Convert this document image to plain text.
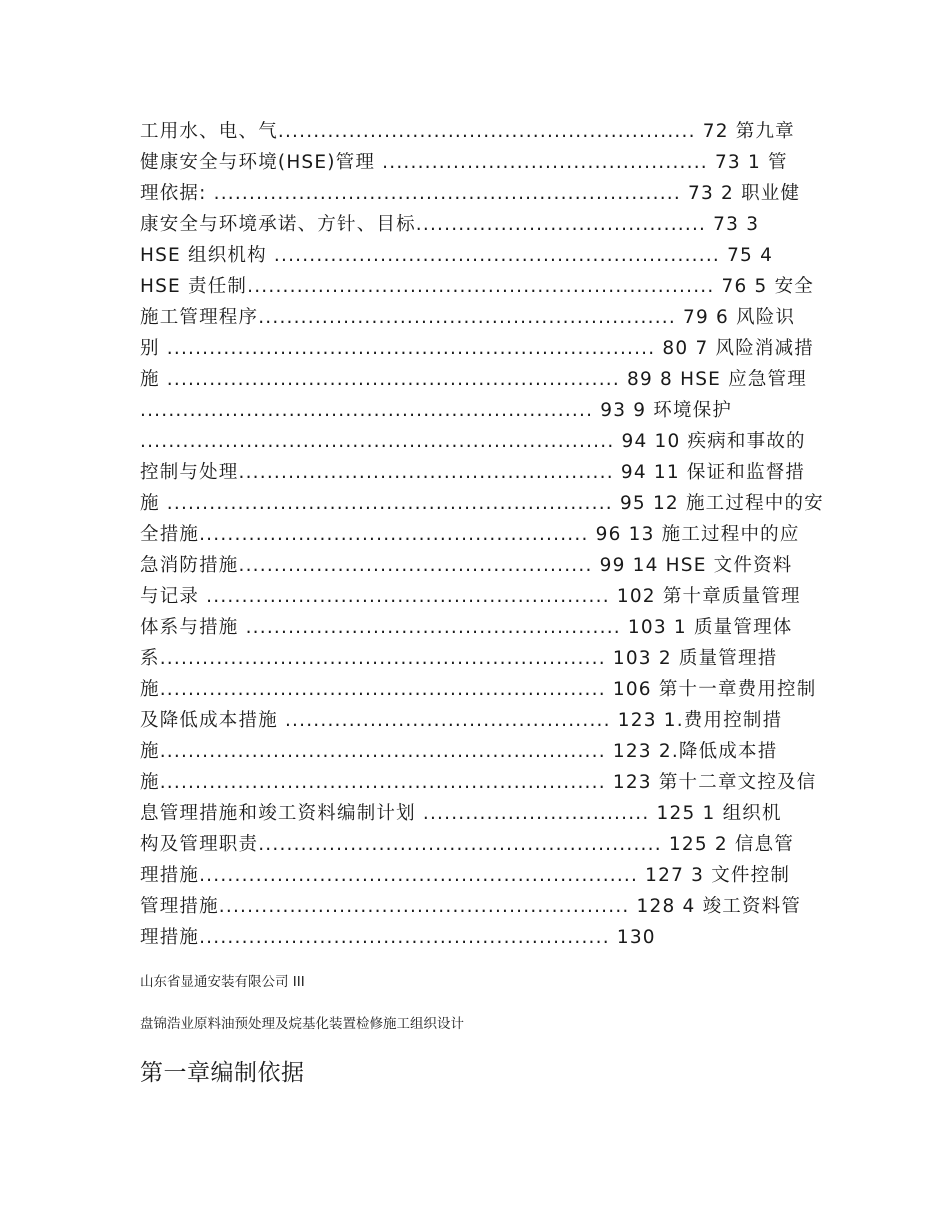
工用水、电、气........................................................... 72 第九章
健康安全与环境(HSE)管理 .............................................. 73 1 管
理依据: .................................................................. 73 2 职业健
康安全与环境承诺、方针、目标......................................... 73 3
HSE 组织机构 ............................................................... 75 4
HSE 责任制.................................................................. 76 5 安全
施工管理程序........................................................... 79 6 风险识
别 ..................................................................... 80 7 风险消减措
施 ................................................................ 89 8 HSE 应急管理
................................................................ 93 9 环境保护
................................................................... 94 10 疾病和事故的
控制与处理..................................................... 94 11 保证和监督措
施 ............................................................... 95 12 施工过程中的安
全措施....................................................... 96 13 施工过程中的应
急消防措施.................................................. 99 14 HSE 文件资料
与记录 ......................................................... 102 第十章质量管理
体系与措施 ..................................................... 103 1 质量管理体
系............................................................... 103 2 质量管理措
施............................................................... 106 第十一章费用控制
及降低成本措施 .............................................. 123 1.费用控制措
施............................................................... 123 2.降低成本措
施............................................................... 123 第十二章文控及信
息管理措施和竣工资料编制计划 ................................ 125 1 组织机
构及管理职责......................................................... 125 2 信息管
理措施.............................................................. 127 3 文件控制
管理措施.......................................................... 128 4 竣工资料管
理措施.......................................................... 130
山东省显通安装有限公司 III
盘锦浩业原料油预处理及烷基化装置检修施工组织设计
第一章编制依据
